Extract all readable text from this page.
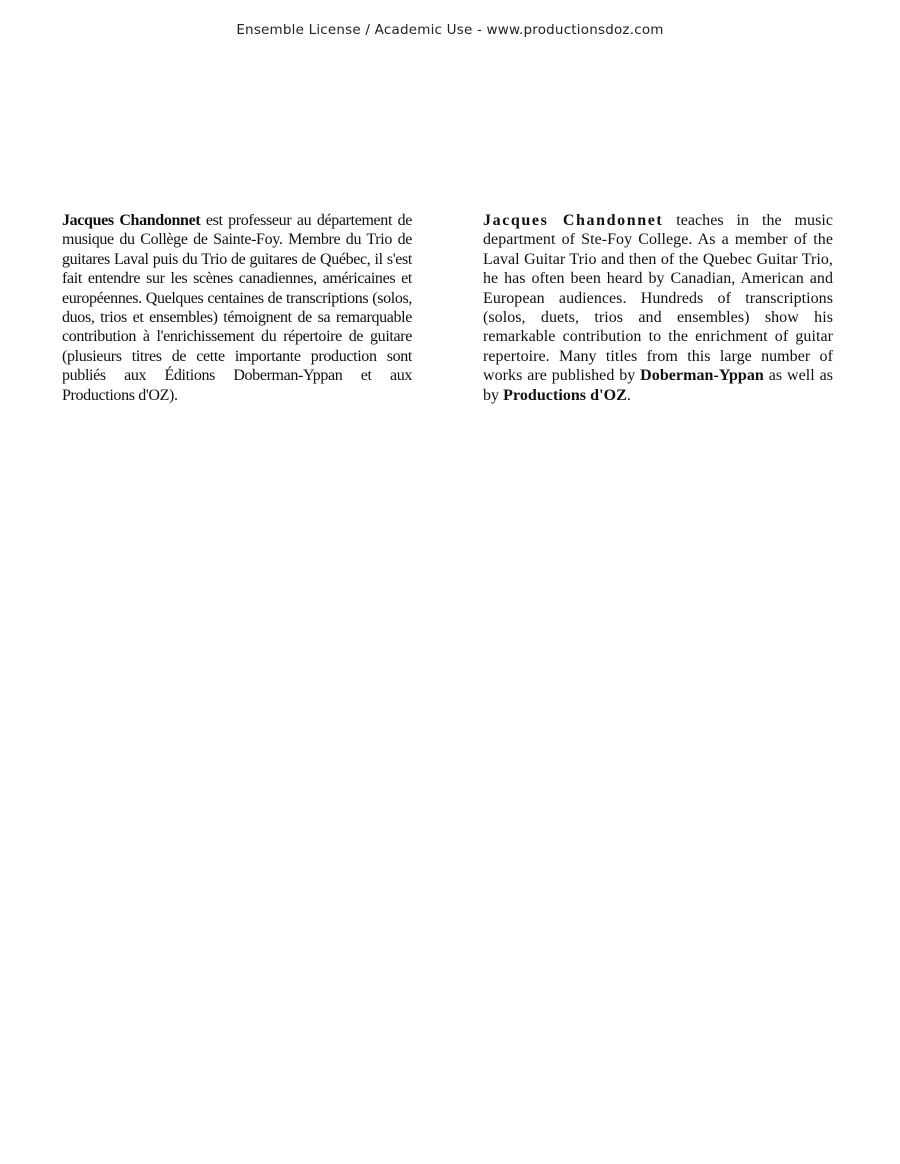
Ensemble License / Academic Use - www.productionsdoz.com

Jacques Chandonnet est professeur au département de musique du Collège de Sainte-Foy. Membre du Trio de guitares Laval puis du Trio de guitares de Québec, il s'est fait entendre sur les scènes canadiennes, américaines et européennes. Quelques centaines de transcriptions (solos, duos, trios et ensembles) témoignent de sa remarquable contribution à l'enrichissement du répertoire de guitare (plusieurs titres de cette importante production sont publiés aux Éditions Doberman-Yppan et aux Productions d'OZ).

Jacques Chandonnet teaches in the music department of Ste-Foy College. As a member of the Laval Guitar Trio and then of the Quebec Guitar Trio, he has often been heard by Canadian, American and European audiences. Hundreds of transcriptions (solos, duets, trios and ensembles) show his remarkable contribution to the enrichment of guitar repertoire. Many titles from this large number of works are published by Doberman-Yppan as well as by Productions d'OZ.
